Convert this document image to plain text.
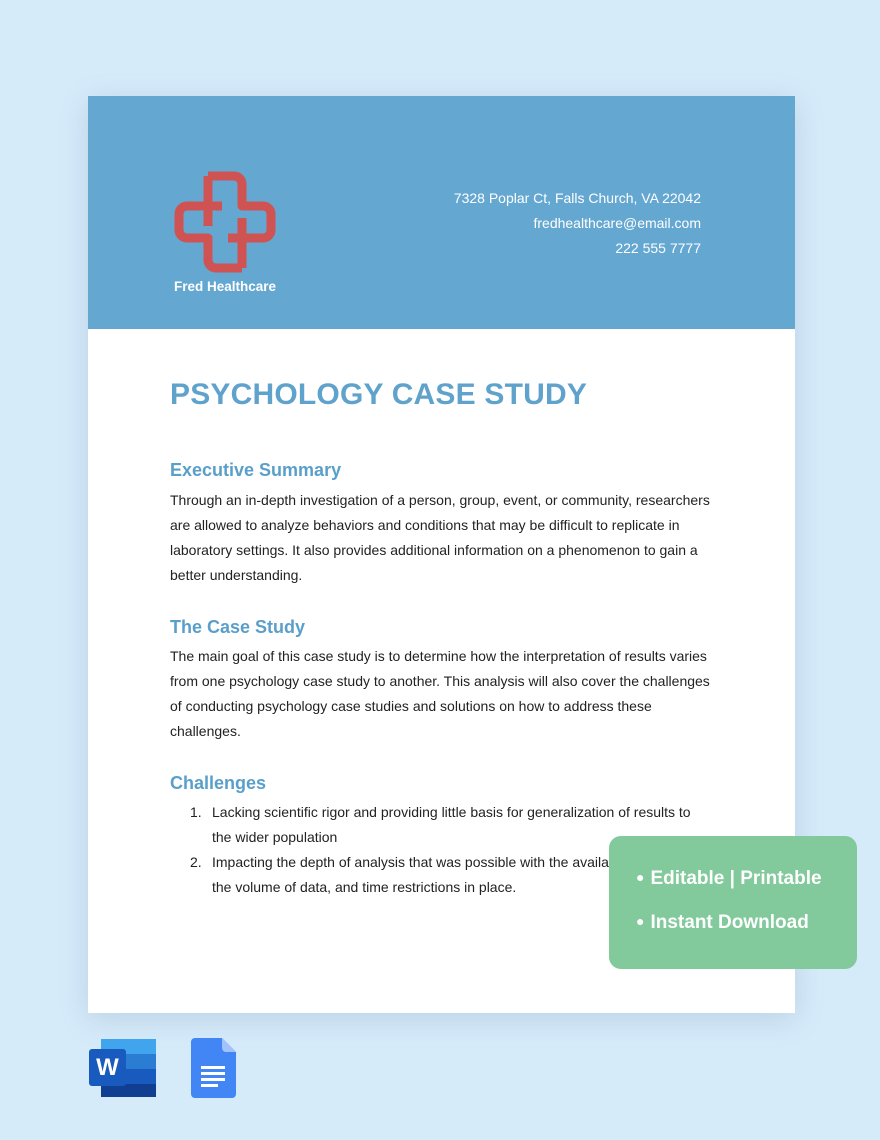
Fred Healthcare
7328 Poplar Ct, Falls Church, VA 22042
fredhealthcare@email.com
222 555 7777
PSYCHOLOGY CASE STUDY
Executive Summary
Through an in-depth investigation of a person, group, event, or community, researchers
are allowed to analyze behaviors and conditions that may be difficult to replicate in
laboratory settings. It also provides additional information on a phenomenon to gain a
better understanding.
The Case Study
The main goal of this case study is to determine how the interpretation of results varies
from one psychology case study to another. This analysis will also cover the challenges
of conducting psychology case studies and solutions on how to address these
challenges.
Challenges
1. Lacking scientific rigor and providing little basis for generalization of results to
the wider population
2. Impacting the depth of analysis that was possible with the availa
the volume of data, and time restrictions in place.
● Editable | Printable
● Instant Download
W
